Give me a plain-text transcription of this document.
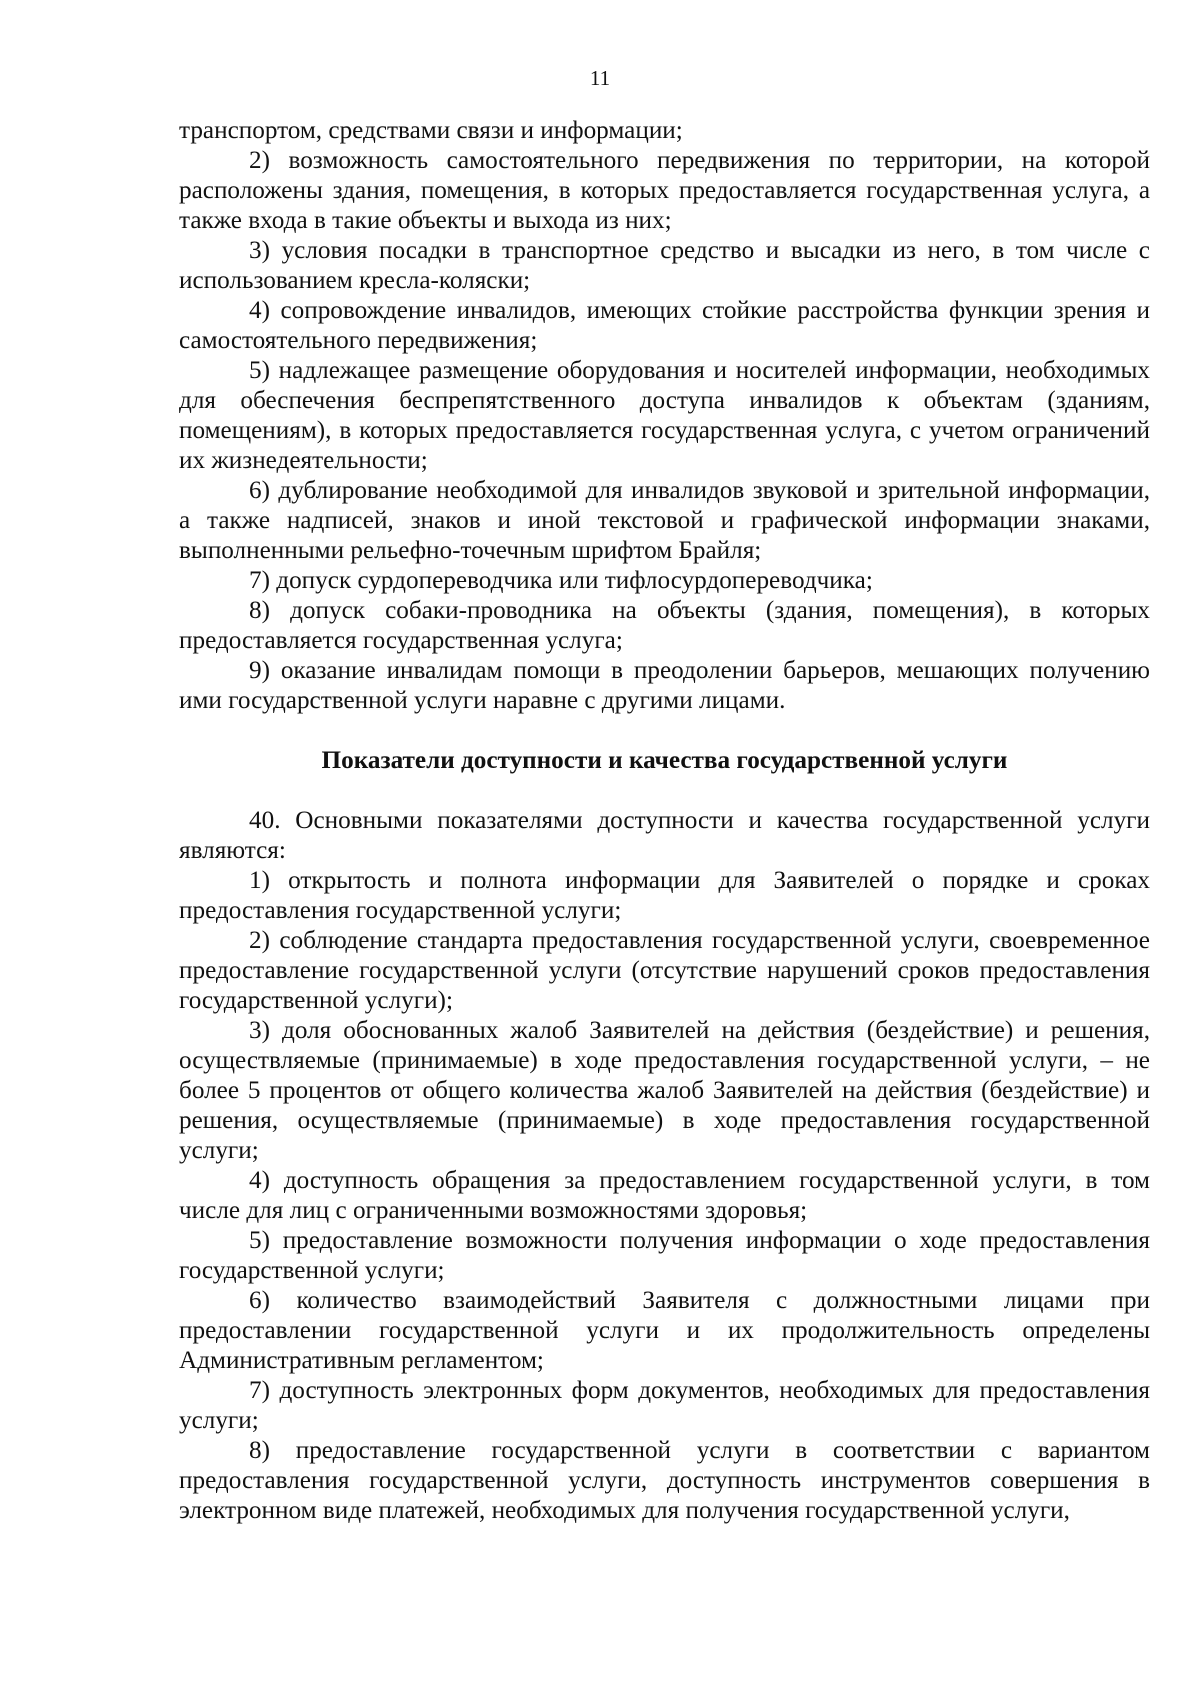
11
транспортом, средствами связи и информации;
2) возможность самостоятельного передвижения по территории, на которой расположены здания, помещения, в которых предоставляется государственная услуга, а также входа в такие объекты и выхода из них;
3) условия посадки в транспортное средство и высадки из него, в том числе с использованием кресла-коляски;
4) сопровождение инвалидов, имеющих стойкие расстройства функции зрения и самостоятельного передвижения;
5) надлежащее размещение оборудования и носителей информации, необходимых для обеспечения беспрепятственного доступа инвалидов к объектам (зданиям, помещениям), в которых предоставляется государственная услуга, с учетом ограничений их жизнедеятельности;
6) дублирование необходимой для инвалидов звуковой и зрительной информации, а также надписей, знаков и иной текстовой и графической информации знаками, выполненными рельефно-точечным шрифтом Брайля;
7) допуск сурдопереводчика или тифлосурдопереводчика;
8) допуск собаки-проводника на объекты (здания, помещения), в которых предоставляется государственная услуга;
9) оказание инвалидам помощи в преодолении барьеров, мешающих получению ими государственной услуги наравне с другими лицами.
Показатели доступности и качества государственной услуги
40. Основными показателями доступности и качества государственной услуги являются:
1) открытость и полнота информации для Заявителей о порядке и сроках предоставления государственной услуги;
2) соблюдение стандарта предоставления государственной услуги, своевременное предоставление государственной услуги (отсутствие нарушений сроков предоставления государственной услуги);
3) доля обоснованных жалоб Заявителей на действия (бездействие) и решения, осуществляемые (принимаемые) в ходе предоставления государственной услуги, – не более 5 процентов от общего количества жалоб Заявителей на действия (бездействие) и решения, осуществляемые (принимаемые) в ходе предоставления государственной услуги;
4) доступность обращения за предоставлением государственной услуги, в том числе для лиц с ограниченными возможностями здоровья;
5) предоставление возможности получения информации о ходе предоставления государственной услуги;
6) количество взаимодействий Заявителя с должностными лицами при предоставлении государственной услуги и их продолжительность определены Административным регламентом;
7) доступность электронных форм документов, необходимых для предоставления услуги;
8) предоставление государственной услуги в соответствии с вариантом предоставления государственной услуги, доступность инструментов совершения в электронном виде платежей, необходимых для получения государственной услуги,
